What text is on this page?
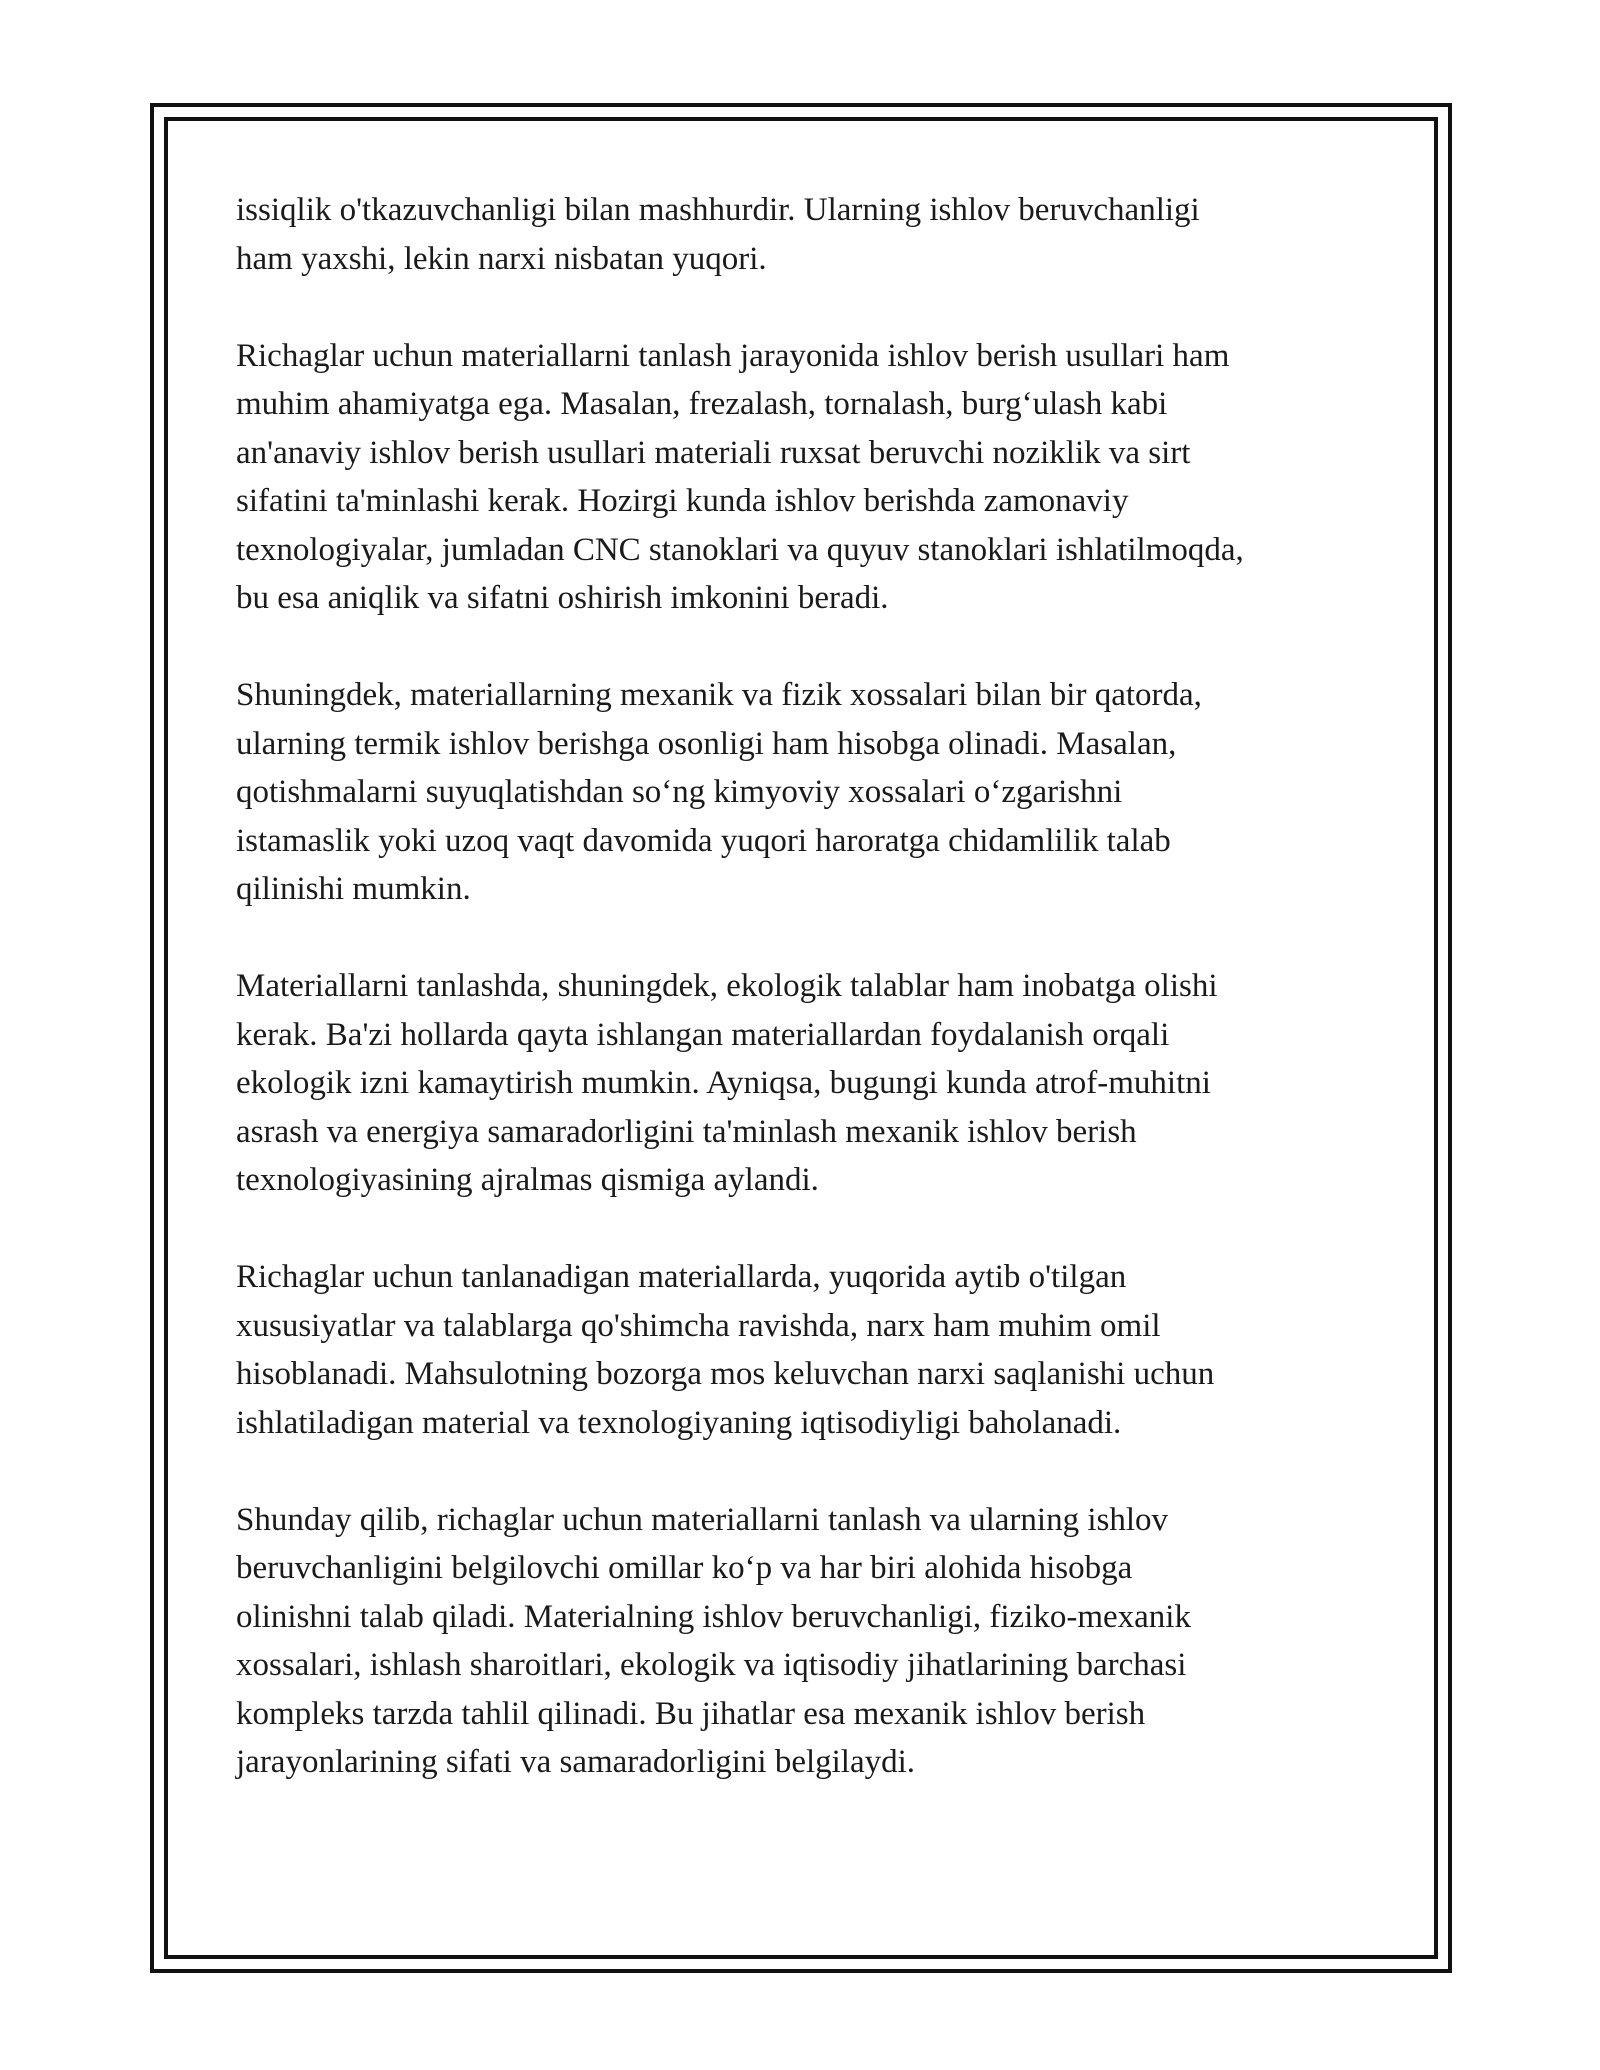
issiqlik o'tkazuvchanligi bilan mashhurdir. Ularning ishlov beruvchanligi
ham yaxshi, lekin narxi nisbatan yuqori.

Richaglar uchun materiallarni tanlash jarayonida ishlov berish usullari ham
muhim ahamiyatga ega. Masalan, frezalash, tornalash, burg‘ulash kabi
an'anaviy ishlov berish usullari materiali ruxsat beruvchi noziklik va sirt
sifatini ta'minlashi kerak. Hozirgi kunda ishlov berishda zamonaviy
texnologiyalar, jumladan CNC stanoklari va quyuv stanoklari ishlatilmoqda,
bu esa aniqlik va sifatni oshirish imkonini beradi.

Shuningdek, materiallarning mexanik va fizik xossalari bilan bir qatorda,
ularning termik ishlov berishga osonligi ham hisobga olinadi. Masalan,
qotishmalarni suyuqlatishdan so‘ng kimyoviy xossalari o‘zgarishni
istamaslik yoki uzoq vaqt davomida yuqori haroratga chidamlilik talab
qilinishi mumkin.

Materiallarni tanlashda, shuningdek, ekologik talablar ham inobatga olishi
kerak. Ba'zi hollarda qayta ishlangan materiallardan foydalanish orqali
ekologik izni kamaytirish mumkin. Ayniqsa, bugungi kunda atrof-muhitni
asrash va energiya samaradorligini ta'minlash mexanik ishlov berish
texnologiyasining ajralmas qismiga aylandi.

Richaglar uchun tanlanadigan materiallarda, yuqorida aytib o'tilgan
xususiyatlar va talablarga qo'shimcha ravishda, narx ham muhim omil
hisoblanadi. Mahsulotning bozorga mos keluvchan narxi saqlanishi uchun
ishlatiladigan material va texnologiyaning iqtisodiyligi baholanadi.

Shunday qilib, richaglar uchun materiallarni tanlash va ularning ishlov
beruvchanligini belgilovchi omillar ko‘p va har biri alohida hisobga
olinishni talab qiladi. Materialning ishlov beruvchanligi, fiziko-mexanik
xossalari, ishlash sharoitlari, ekologik va iqtisodiy jihatlarining barchasi
kompleks tarzda tahlil qilinadi. Bu jihatlar esa mexanik ishlov berish
jarayonlarining sifati va samaradorligini belgilaydi.
